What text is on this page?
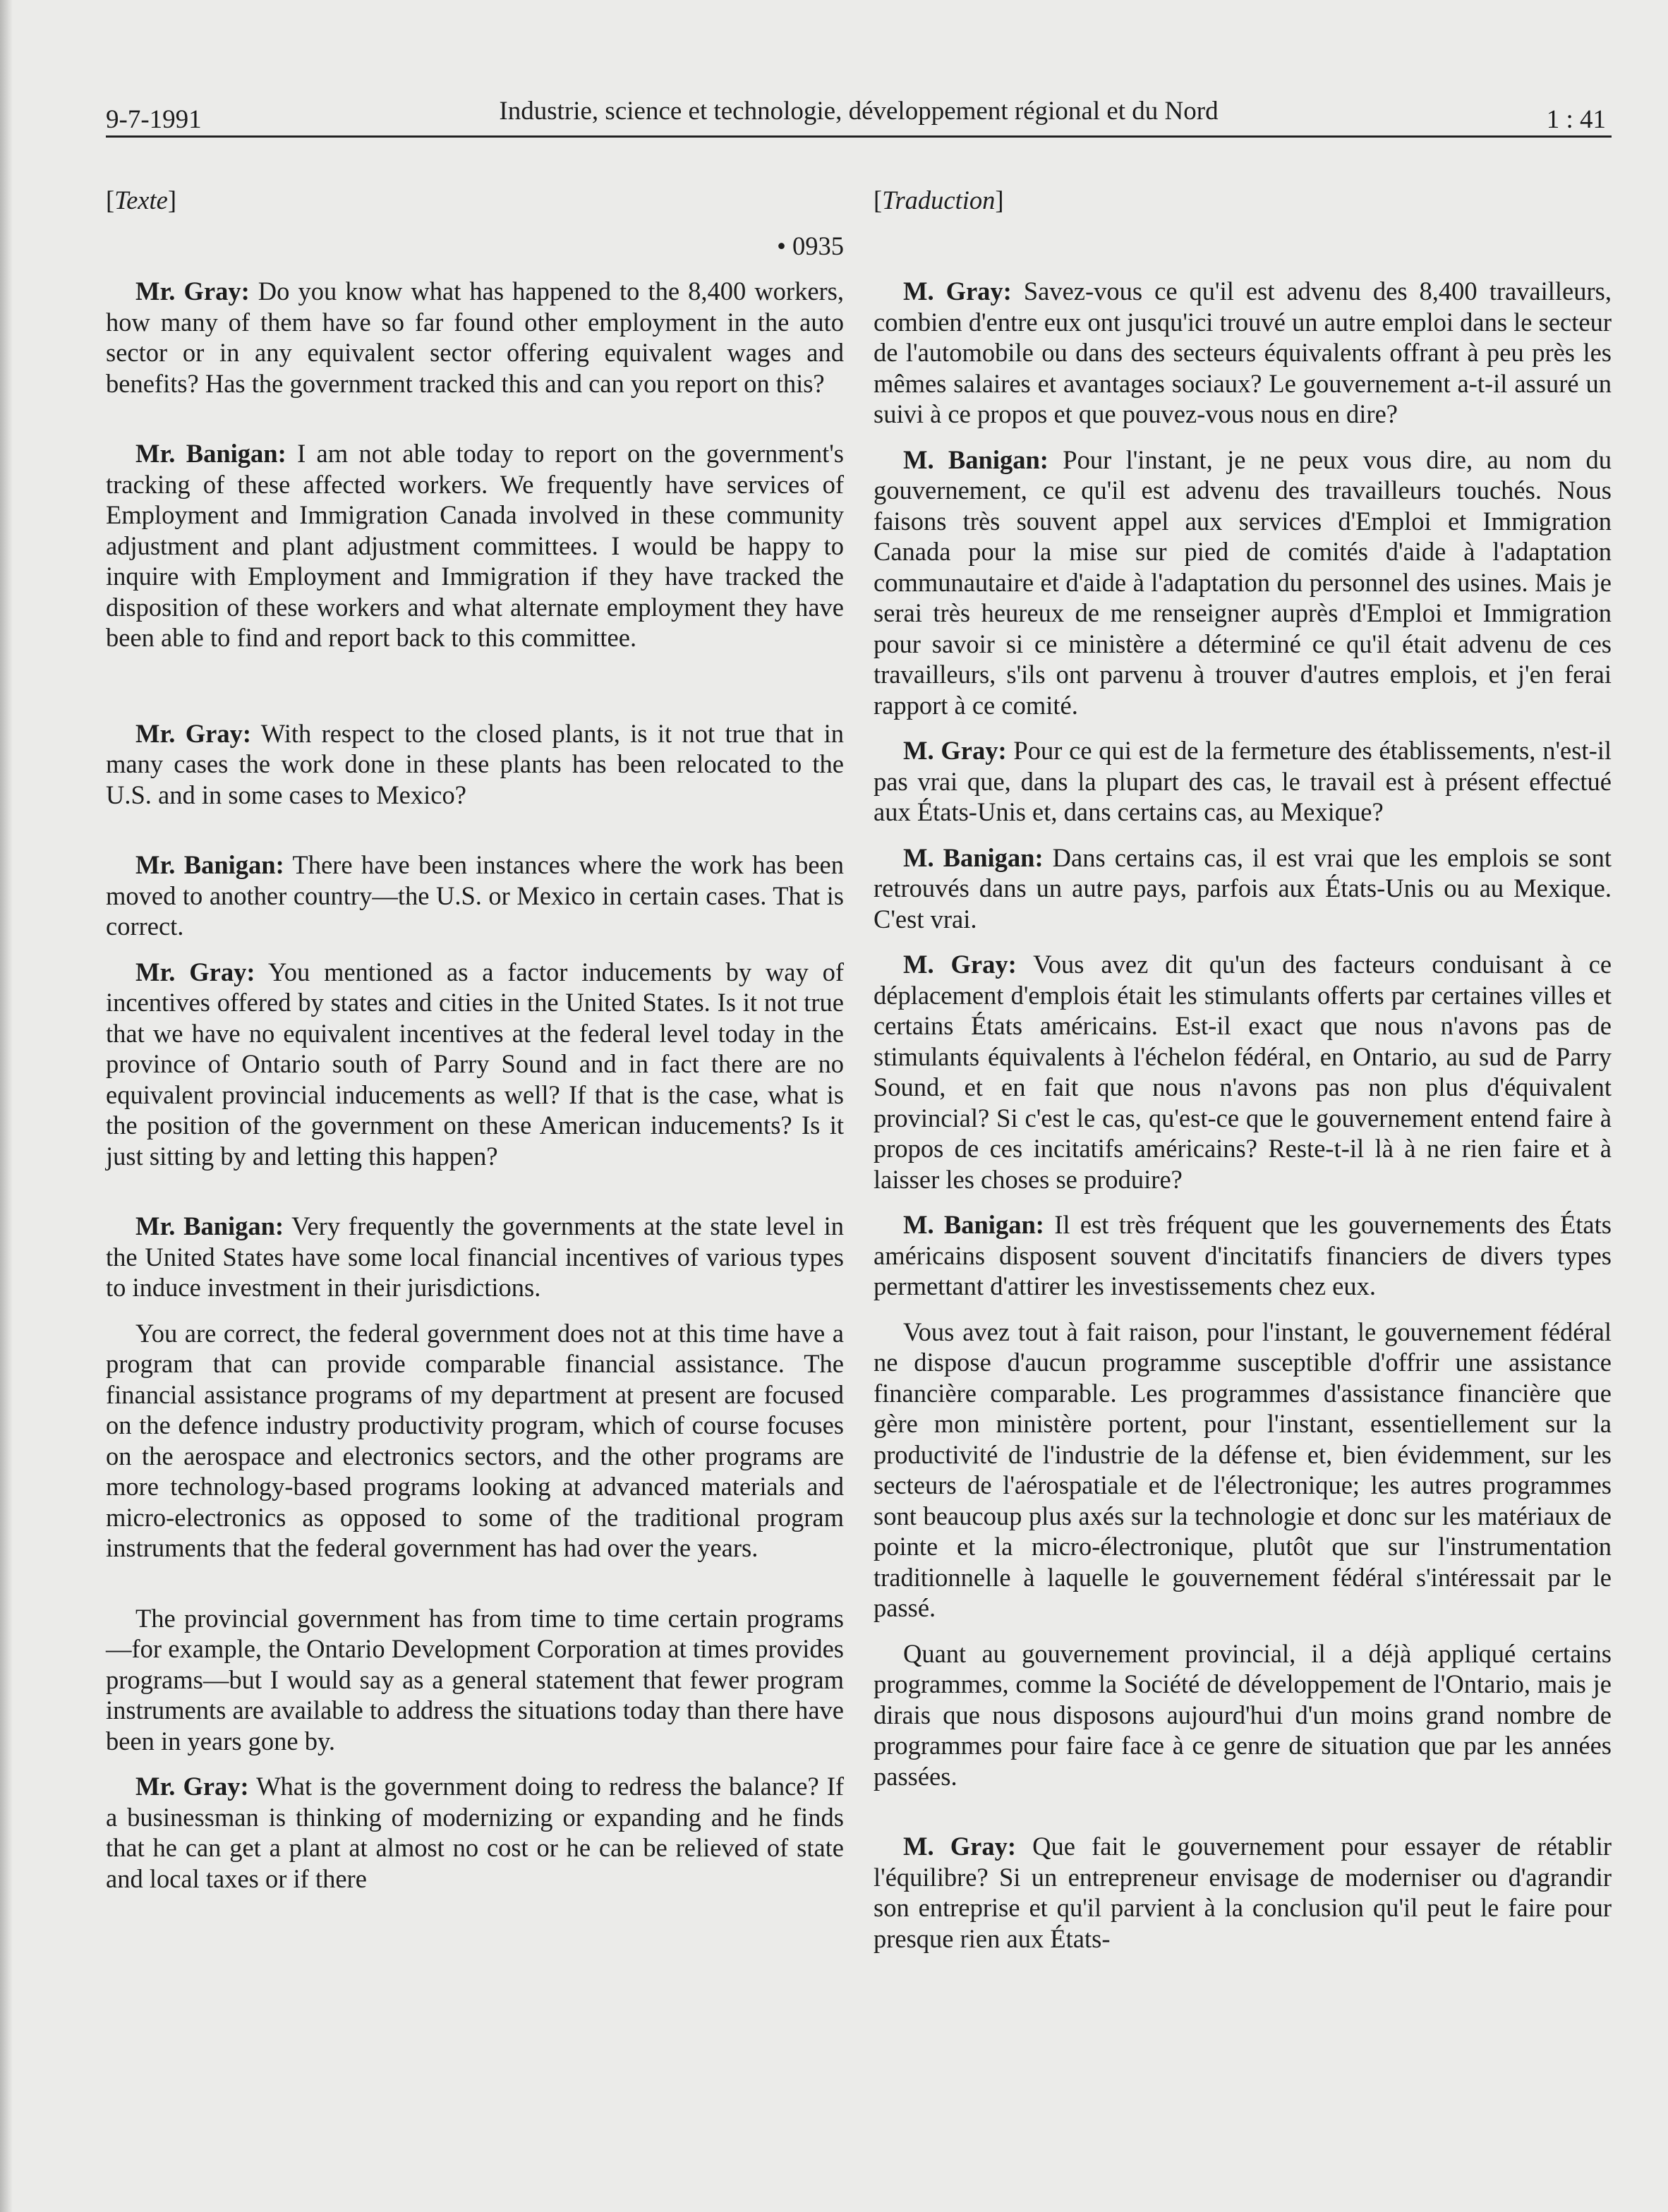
9-7-1991	Industrie, science et technologie, développement régional et du Nord	1 : 41

[Texte]

• 0935

Mr. Gray: Do you know what has happened to the 8,400 workers, how many of them have so far found other employment in the auto sector or in any equivalent sector offering equivalent wages and benefits? Has the government tracked this and can you report on this?

Mr. Banigan: I am not able today to report on the government's tracking of these affected workers. We frequently have services of Employment and Immigration Canada involved in these community adjustment and plant adjustment committees. I would be happy to inquire with Employment and Immigration if they have tracked the disposition of these workers and what alternate employment they have been able to find and report back to this committee.

Mr. Gray: With respect to the closed plants, is it not true that in many cases the work done in these plants has been relocated to the U.S. and in some cases to Mexico?

Mr. Banigan: There have been instances where the work has been moved to another country—the U.S. or Mexico in certain cases. That is correct.

Mr. Gray: You mentioned as a factor inducements by way of incentives offered by states and cities in the United States. Is it not true that we have no equivalent incentives at the federal level today in the province of Ontario south of Parry Sound and in fact there are no equivalent provincial inducements as well? If that is the case, what is the position of the government on these American inducements? Is it just sitting by and letting this happen?

Mr. Banigan: Very frequently the governments at the state level in the United States have some local financial incentives of various types to induce investment in their jurisdictions.

You are correct, the federal government does not at this time have a program that can provide comparable financial assistance. The financial assistance programs of my department at present are focused on the defence industry productivity program, which of course focuses on the aerospace and electronics sectors, and the other programs are more technology-based programs looking at advanced materials and micro-electronics as opposed to some of the traditional program instruments that the federal government has had over the years.

The provincial government has from time to time certain programs—for example, the Ontario Development Corporation at times provides programs—but I would say as a general statement that fewer program instruments are available to address the situations today than there have been in years gone by.

Mr. Gray: What is the government doing to redress the balance? If a businessman is thinking of modernizing or expanding and he finds that he can get a plant at almost no cost or he can be relieved of state and local taxes or if there

[Traduction]

M. Gray: Savez-vous ce qu'il est advenu des 8,400 travailleurs, combien d'entre eux ont jusqu'ici trouvé un autre emploi dans le secteur de l'automobile ou dans des secteurs équivalents offrant à peu près les mêmes salaires et avantages sociaux? Le gouvernement a-t-il assuré un suivi à ce propos et que pouvez-vous nous en dire?

M. Banigan: Pour l'instant, je ne peux vous dire, au nom du gouvernement, ce qu'il est advenu des travailleurs touchés. Nous faisons très souvent appel aux services d'Emploi et Immigration Canada pour la mise sur pied de comités d'aide à l'adaptation communautaire et d'aide à l'adaptation du personnel des usines. Mais je serai très heureux de me renseigner auprès d'Emploi et Immigration pour savoir si ce ministère a déterminé ce qu'il était advenu de ces travailleurs, s'ils ont parvenu à trouver d'autres emplois, et j'en ferai rapport à ce comité.

M. Gray: Pour ce qui est de la fermeture des établissements, n'est-il pas vrai que, dans la plupart des cas, le travail est à présent effectué aux États-Unis et, dans certains cas, au Mexique?

M. Banigan: Dans certains cas, il est vrai que les emplois se sont retrouvés dans un autre pays, parfois aux États-Unis ou au Mexique. C'est vrai.

M. Gray: Vous avez dit qu'un des facteurs conduisant à ce déplacement d'emplois était les stimulants offerts par certaines villes et certains États américains. Est-il exact que nous n'avons pas de stimulants équivalents à l'échelon fédéral, en Ontario, au sud de Parry Sound, et en fait que nous n'avons pas non plus d'équivalent provincial? Si c'est le cas, qu'est-ce que le gouvernement entend faire à propos de ces incitatifs américains? Reste-t-il là à ne rien faire et à laisser les choses se produire?

M. Banigan: Il est très fréquent que les gouvernements des États américains disposent souvent d'incitatifs financiers de divers types permettant d'attirer les investissements chez eux.

Vous avez tout à fait raison, pour l'instant, le gouvernement fédéral ne dispose d'aucun programme susceptible d'offrir une assistance financière comparable. Les programmes d'assistance financière que gère mon ministère portent, pour l'instant, essentiellement sur la productivité de l'industrie de la défense et, bien évidemment, sur les secteurs de l'aérospatiale et de l'électronique; les autres programmes sont beaucoup plus axés sur la technologie et donc sur les matériaux de pointe et la micro-électronique, plutôt que sur l'instrumentation traditionnelle à laquelle le gouvernement fédéral s'intéressait par le passé.

Quant au gouvernement provincial, il a déjà appliqué certains programmes, comme la Société de développement de l'Ontario, mais je dirais que nous disposons aujourd'hui d'un moins grand nombre de programmes pour faire face à ce genre de situation que par les années passées.

M. Gray: Que fait le gouvernement pour essayer de rétablir l'équilibre? Si un entrepreneur envisage de moderniser ou d'agrandir son entreprise et qu'il parvient à la conclusion qu'il peut le faire pour presque rien aux États-
